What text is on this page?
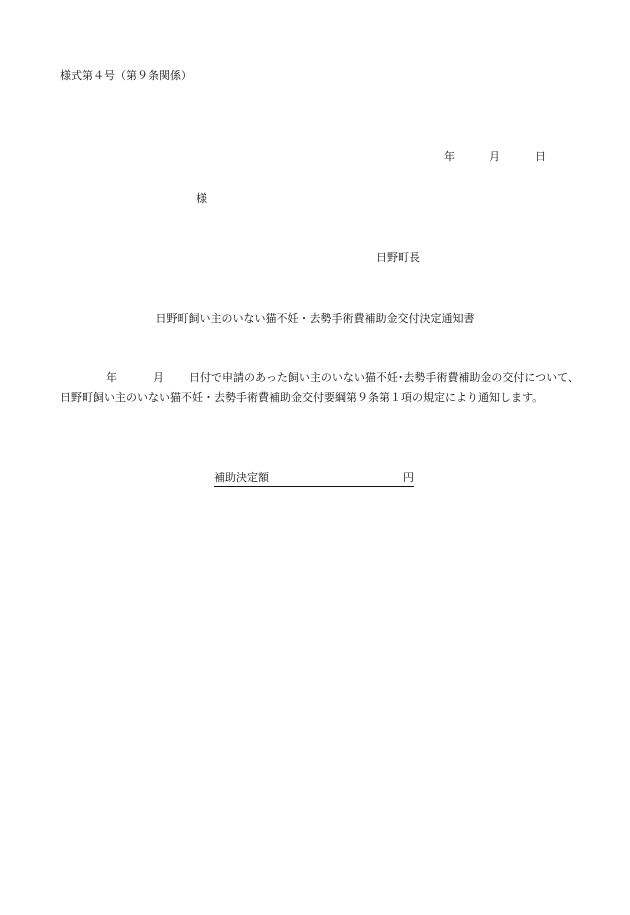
様式第４号（第９条関係）
年	月	日
様
日野町長
日野町飼い主のいない猫不妊・去勢手術費補助金交付決定通知書
年	月 日付で申請のあった飼い主のいない猫不妊･去勢手術費補助金の交付について、
日野町飼い主のいない猫不妊・去勢手術費補助金交付要綱第９条第１項の規定により通知します。
補助決定額	円
